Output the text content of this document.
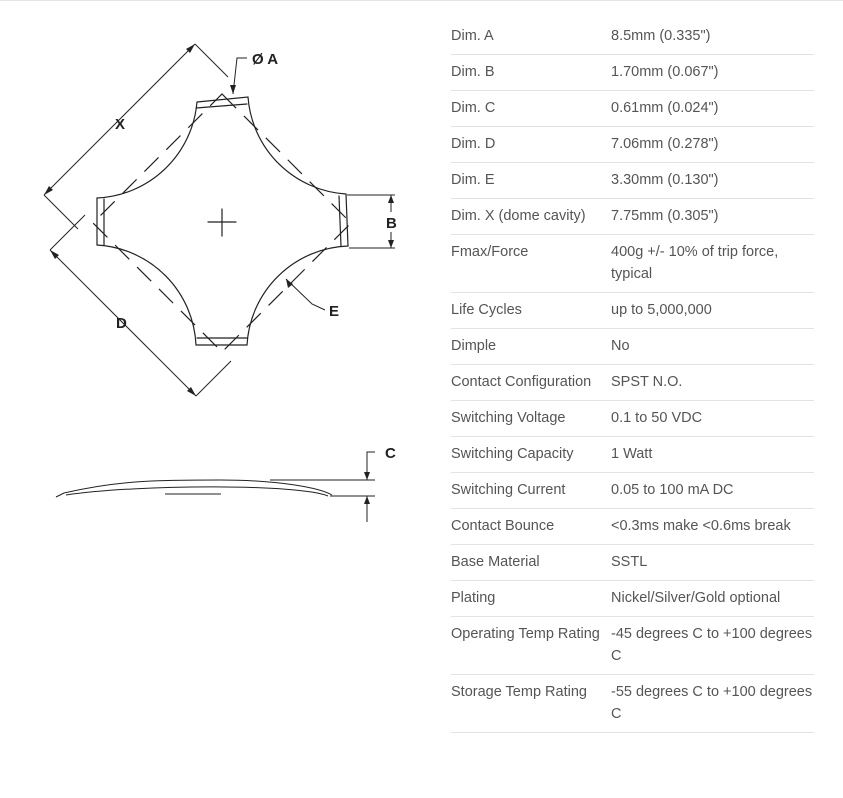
Ø A
X
B
D
E
C
Dim. A	8.5mm (0.335")
Dim. B	1.70mm (0.067")
Dim. C	0.61mm (0.024")
Dim. D	7.06mm (0.278")
Dim. E	3.30mm (0.130")
Dim. X (dome cavity)	7.75mm (0.305")
Fmax/Force	400g +/- 10% of trip force, typical
Life Cycles	up to 5,000,000
Dimple	No
Contact Configuration	SPST N.O.
Switching Voltage	0.1 to 50 VDC
Switching Capacity	1 Watt
Switching Current	0.05 to 100 mA DC
Contact Bounce	<0.3ms make <0.6ms break
Base Material	SSTL
Plating	Nickel/Silver/Gold optional
Operating Temp Rating	-45 degrees C to +100 degrees C
Storage Temp Rating	-55 degrees C to +100 degrees C
